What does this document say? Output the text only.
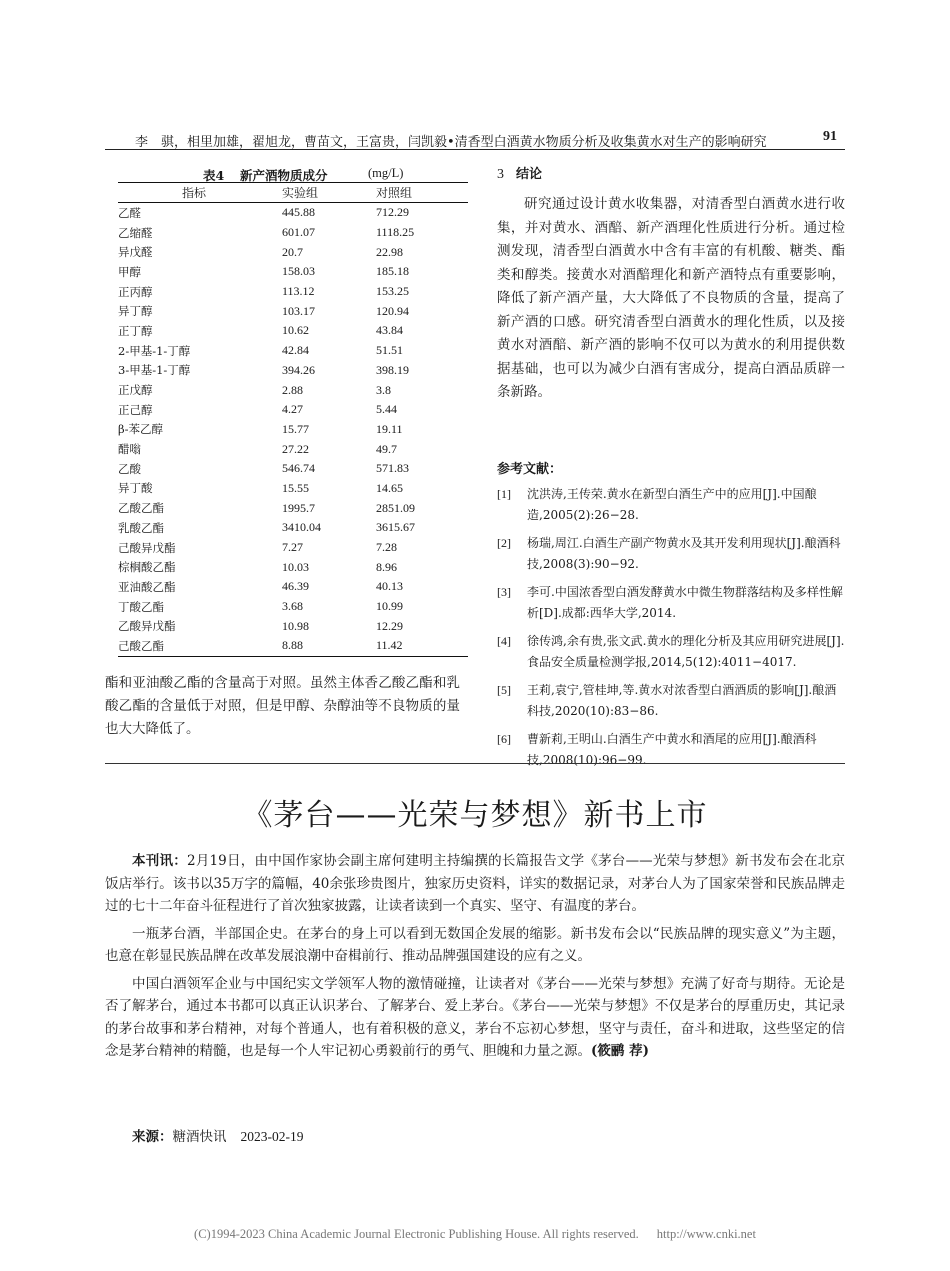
李　骐，相里加雄，翟旭龙，曹苗文，王富贵，闫凯毅•清香型白酒黄水物质分析及收集黄水对生产的影响研究	91
表4 新产酒物质成分	(mg/L)
指标	实验组	对照组
乙醛	445.88	712.29
乙缩醛	601.07	1118.25
异戊醛	20.7	22.98
甲醇	158.03	185.18
正丙醇	113.12	153.25
异丁醇	103.17	120.94
正丁醇	10.62	43.84
2-甲基-1-丁醇	42.84	51.51
3-甲基-1-丁醇	394.26	398.19
正戊醇	2.88	3.8
正己醇	4.27	5.44
β-苯乙醇	15.77	19.11
醋嗡	27.22	49.7
乙酸	546.74	571.83
异丁酸	15.55	14.65
乙酸乙酯	1995.7	2851.09
乳酸乙酯	3410.04	3615.67
己酸异戊酯	7.27	7.28
棕榈酸乙酯	10.03	8.96
亚油酸乙酯	46.39	40.13
丁酸乙酯	3.68	10.99
乙酸异戊酯	10.98	12.29
己酸乙酯	8.88	11.42
酯和亚油酸乙酯的含量高于对照。虽然主体香乙酸乙酯和乳酸乙酯的含量低于对照，但是甲醇、杂醇油等不良物质的量也大大降低了。
3 结论
研究通过设计黄水收集器，对清香型白酒黄水进行收集，并对黄水、酒醅、新产酒理化性质进行分析。通过检测发现，清香型白酒黄水中含有丰富的有机酸、糖类、酯类和醇类。接黄水对酒醅理化和新产酒特点有重要影响，降低了新产酒产量，大大降低了不良物质的含量，提高了新产酒的口感。研究清香型白酒黄水的理化性质，以及接黄水对酒醅、新产酒的影响不仅可以为黄水的利用提供数据基础，也可以为减少白酒有害成分，提高白酒品质辟一条新路。
参考文献：
[1] 沈洪涛,王传荣.黄水在新型白酒生产中的应用[J].中国酿造,2005(2):26−28.
[2] 杨瑞,周江.白酒生产副产物黄水及其开发利用现状[J].酿酒科技,2008(3):90−92.
[3] 李可.中国浓香型白酒发酵黄水中微生物群落结构及多样性解析[D].成都:西华大学,2014.
[4] 徐传鸿,余有贵,张文武.黄水的理化分析及其应用研究进展[J].食品安全质量检测学报,2014,5(12):4011−4017.
[5] 王莉,袁宁,管桂坤,等.黄水对浓香型白酒酒质的影响[J].酿酒科技,2020(10):83−86.
[6] 曹新莉,王明山.白酒生产中黄水和酒尾的应用[J].酿酒科技,2008(10):96−99.
《茅台——光荣与梦想》新书上市

本刊讯：2月19日，由中国作家协会副主席何建明主持编撰的长篇报告文学《茅台——光荣与梦想》新书发布会在北京饭店举行。该书以35万字的篇幅，40余张珍贵图片，独家历史资料，详实的数据记录，对茅台人为了国家荣誉和民族品牌走过的七十二年奋斗征程进行了首次独家披露，让读者读到一个真实、坚守、有温度的茅台。

一瓶茅台酒，半部国企史。在茅台的身上可以看到无数国企发展的缩影。新书发布会以“民族品牌的现实意义”为主题，也意在彰显民族品牌在改革发展浪潮中奋楫前行、推动品牌强国建设的应有之义。

中国白酒领军企业与中国纪实文学领军人物的激情碰撞，让读者对《茅台——光荣与梦想》充满了好奇与期待。无论是否了解茅台，通过本书都可以真正认识茅台、了解茅台、爱上茅台。《茅台——光荣与梦想》不仅是茅台的厚重历史，其记录的茅台故事和茅台精神，对每个普通人，也有着积极的意义，茅台不忘初心梦想，坚守与责任，奋斗和进取，这些坚定的信念是茅台精神的精髓，也是每一个人牢记初心勇毅前行的勇气、胆魄和力量之源。(筱鹂 荐)

来源：糖酒快讯 2023-02-19
(C)1994-2023 China Academic Journal Electronic Publishing House. All rights reserved. http://www.cnki.net
